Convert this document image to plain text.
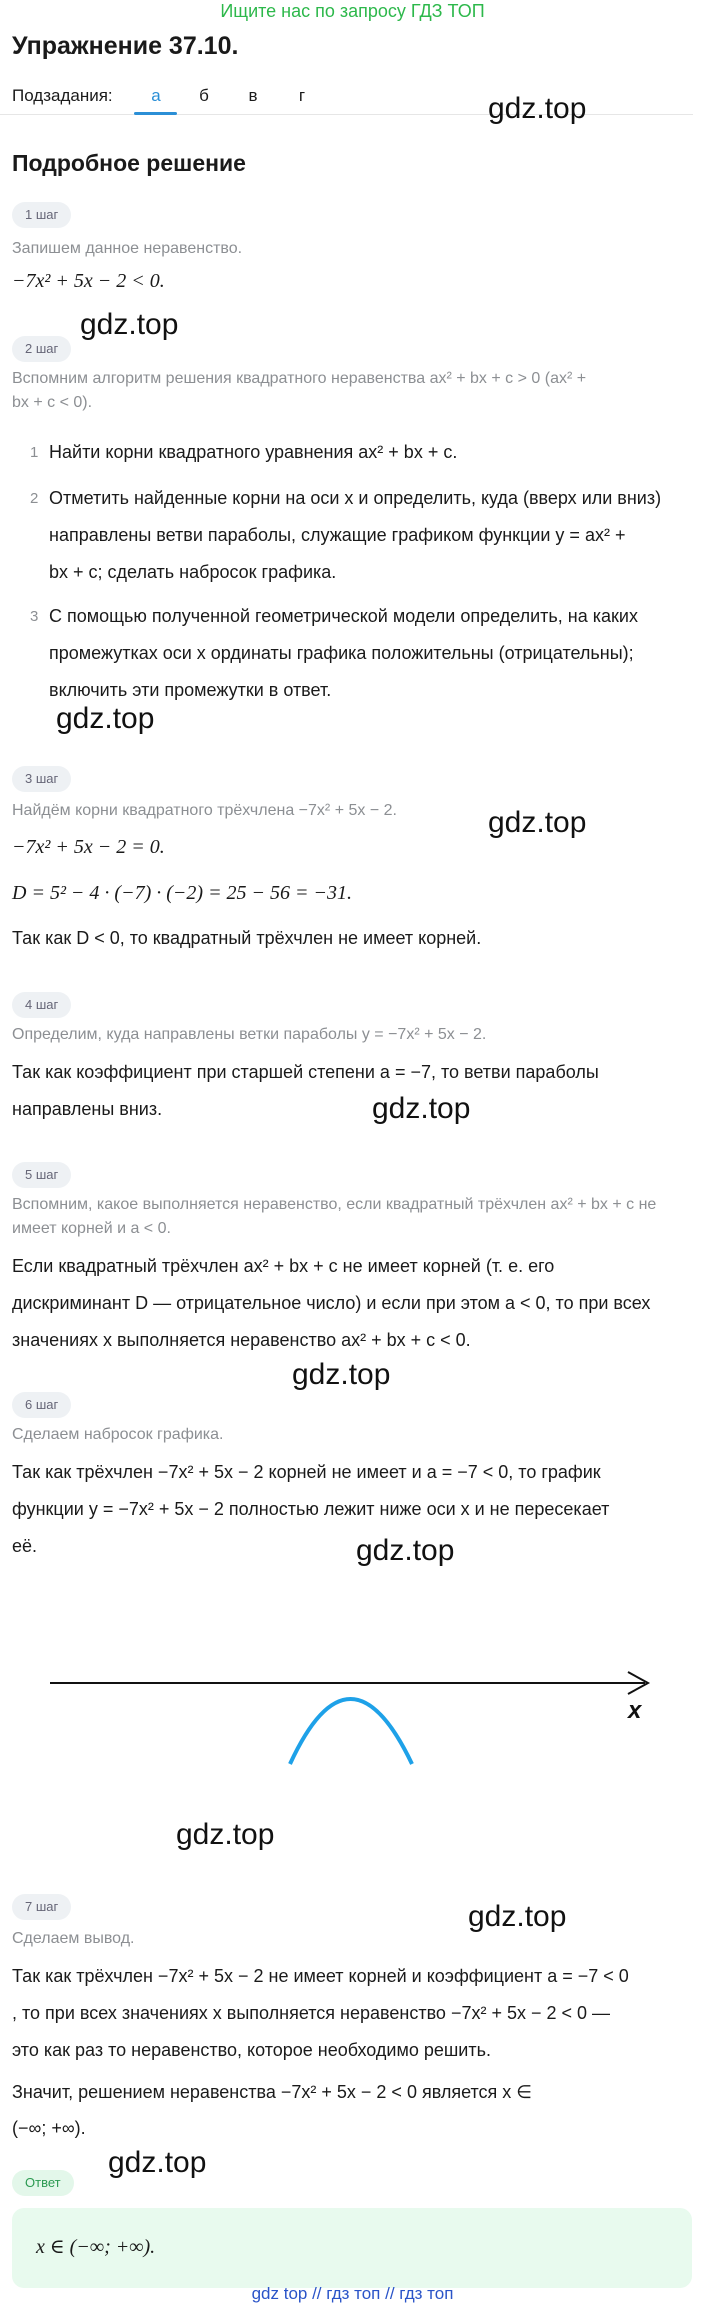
Ищите нас по запросу ГДЗ ТОП
Упражнение 37.10.
Подзадания:	а	б	в	г	gdz.top
Подробное решение
1 шаг
Запишем данное неравенство.
−7x² + 5x − 2 < 0.
gdz.top
2 шаг
Вспомним алгоритм решения квадратного неравенства ax² + bx + c > 0 (ax² +
bx + c < 0).
1 Найти корни квадратного уравнения ax² + bx + c.
2 Отметить найденные корни на оси x и определить, куда (вверх или вниз)
направлены ветви параболы, служащие графиком функции y = ax² +
bx + c; сделать набросок графика.
3 С помощью полученной геометрической модели определить, на каких
промежутках оси x ординаты графика положительны (отрицательны);
включить эти промежутки в ответ.
gdz.top
3 шаг
gdz.top
Найдём корни квадратного трёхчлена −7x² + 5x − 2.
−7x² + 5x − 2 = 0.
D = 5² − 4 · (−7) · (−2) = 25 − 56 = −31.
Так как D < 0, то квадратный трёхчлен не имеет корней.
4 шаг
Определим, куда направлены ветки параболы y = −7x² + 5x − 2.
Так как коэффициент при старшей степени a = −7, то ветви параболы
направлены вниз.	gdz.top
5 шаг
Вспомним, какое выполняется неравенство, если квадратный трёхчлен ax² + bx + c не
имеет корней и a < 0.
Если квадратный трёхчлен ax² + bx + c не имеет корней (т. е. его
дискриминант D — отрицательное число) и если при этом a < 0, то при всех
значениях x выполняется неравенство ax² + bx + c < 0.
gdz.top
6 шаг
Сделаем набросок графика.
Так как трёхчлен −7x² + 5x − 2 корней не имеет и a = −7 < 0, то график
функции y = −7x² + 5x − 2 полностью лежит ниже оси x и не пересекает
её.	gdz.top
x
gdz.top
7 шаг	gdz.top
Сделаем вывод.
Так как трёхчлен −7x² + 5x − 2 не имеет корней и коэффициент a = −7 < 0
, то при всех значениях x выполняется неравенство −7x² + 5x − 2 < 0 —
это как раз то неравенство, которое необходимо решить.
Значит, решением неравенства −7x² + 5x − 2 < 0 является x ∈
(−∞; +∞).
gdz.top
Ответ
x ∈ (−∞; +∞).
gdz top // гдз топ // гдз топ
